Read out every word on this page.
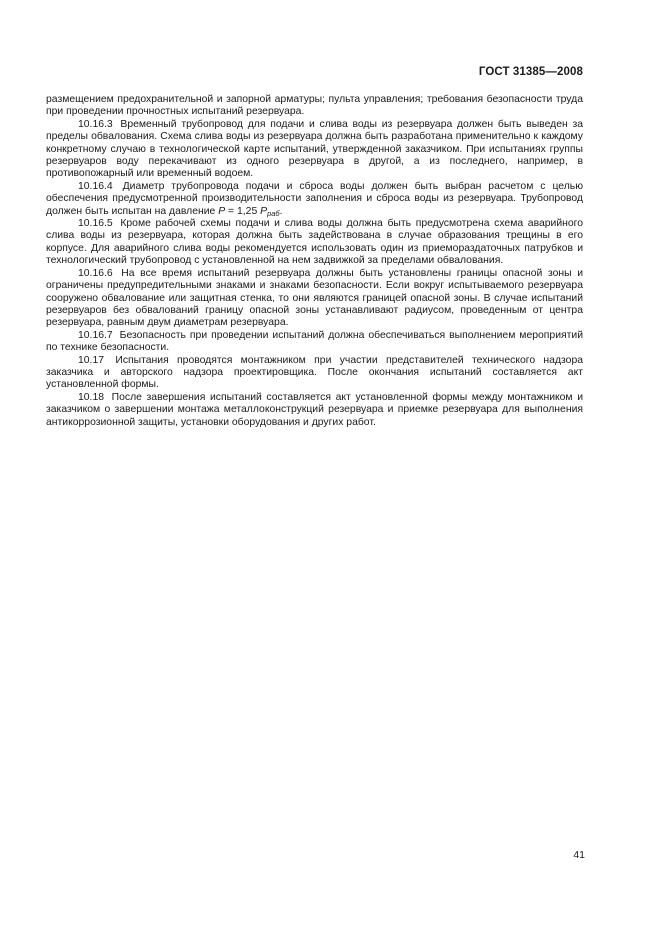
ГОСТ 31385—2008

размещением предохранительной и запорной арматуры; пульта управления; требования безопасности труда при проведении прочностных испытаний резервуара.

10.16.3 Временный трубопровод для подачи и слива воды из резервуара должен быть выведен за пределы обвалования. Схема слива воды из резервуара должна быть разработана применительно к каждому конкретному случаю в технологической карте испытаний, утвержденной заказчиком. При испытаниях группы резервуаров воду перекачивают из одного резервуара в другой, а из последнего, например, в противопожарный или временный водоем.

10.16.4 Диаметр трубопровода подачи и сброса воды должен быть выбран расчетом с целью обеспечения предусмотренной производительности заполнения и сброса воды из резервуара. Трубопровод должен быть испытан на давление P = 1,25 $P_{раб}$.

10.16.5 Кроме рабочей схемы подачи и слива воды должна быть предусмотрена схема аварийного слива воды из резервуара, которая должна быть задействована в случае образования трещины в его корпусе. Для аварийного слива воды рекомендуется использовать один из приемораздаточных патрубков и технологический трубопровод с установленной на нем задвижкой за пределами обвалования.

10.16.6 На все время испытаний резервуара должны быть установлены границы опасной зоны и ограничены предупредительными знаками и знаками безопасности. Если вокруг испытываемого резервуара сооружено обвалование или защитная стенка, то они являются границей опасной зоны. В случае испытаний резервуаров без обвалований границу опасной зоны устанавливают радиусом, проведенным от центра резервуара, равным двум диаметрам резервуара.

10.16.7 Безопасность при проведении испытаний должна обеспечиваться выполнением мероприятий по технике безопасности.

10.17 Испытания проводятся монтажником при участии представителей технического надзора заказчика и авторского надзора проектировщика. После окончания испытаний составляется акт установленной формы.

10.18 После завершения испытаний составляется акт установленной формы между монтажником и заказчиком о завершении монтажа металлоконструкций резервуара и приемке резервуара для выполнения антикоррозионной защиты, установки оборудования и других работ.

41
